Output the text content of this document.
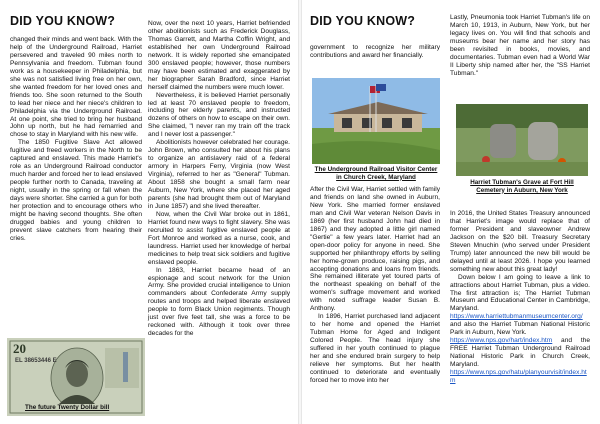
DID YOU KNOW?

changed their minds and went back. With the help of the Underground Railroad, Harriet persevered and traveled 90 miles north to Pennsylvania and freedom. Tubman found work as a housekeeper in Philadelphia, but she was not satisfied living free on her own, she wanted freedom for her loved ones and friends too. She soon returned to the South to lead her niece and her niece's children to Philadelphia via the Underground Railroad. At one point, she tried to bring her husband John up north, but he had remarried and chose to stay in Maryland with his new wife.

The 1850 Fugitive Slave Act allowed fugitive and freed workers in the North to be captured and enslaved. This made Harriet's role as an Underground Railroad conductor much harder and forced her to lead enslaved people further north to Canada, traveling at night, usually in the spring or fall when the days were shorter. She carried a gun for both her protection and to encourage others who might be having second thoughts. She often drugged babies and young children to prevent slave catchers from hearing their cries.

Now, over the next 10 years, Harriet befriended other abolitionists such as Frederick Douglass, Thomas Garrett, and Martha Coffin Wright, and established her own Underground Railroad network. It is widely reported she emancipated 300 enslaved people; however, those numbers may have been estimated and exaggerated by her biographer Sarah Bradford, since Harriet herself claimed the numbers were much lower.

Nevertheless, it is believed Harriet personally led at least 70 enslaved people to freedom, including her elderly parents, and instructed dozens of others on how to escape on their own. She claimed, "I never ran my train off the track and I never lost a passenger."

Abolitionists however celebrated her courage. John Brown, who consulted her about his plans to organize an antislavery raid of a federal armory in Harpers Ferry, Virginia (now West Virginia), referred to her as "General" Tubman. About 1858 she bought a small farm near Auburn, New York, where she placed her aged parents (she had brought them out of Maryland in June 1857) and she lived thereafter.

Now, when the Civil War broke out in 1861, Harriet found new ways to fight slavery. She was recruited to assist fugitive enslaved people at Fort Monroe and worked as a nurse, cook, and laundress. Harriet used her knowledge of herbal medicines to help treat sick soldiers and fugitive enslaved people.

In 1863, Harriet became head of an espionage and scout network for the Union Army. She provided crucial intelligence to Union commanders about Confederate Army supply routes and troops and helped liberate enslaved people to form Black Union regiments. Though just over five feet tall, she was a force to be reckoned with. Although it took over three decades for the

20
EL 38653446 E
The future Twenty Dollar bill
DID YOU KNOW?

government to recognize her military contributions and award her financially.

The Underground Railroad Visitor Center in Church Creek, Maryland

After the Civil War, Harriet settled with family and friends on land she owned in Auburn, New York. She married former enslaved man and Civil War veteran Nelson Davis in 1869 (her first husband John had died in 1867) and they adopted a little girl named "Gertie" a few years later. Harriet had an open-door policy for anyone in need. She supported her philanthropy efforts by selling her home-grown produce, raising pigs, and accepting donations and loans from friends. She remained illiterate yet toured parts of the northeast speaking on behalf of the women's suffrage movement and worked with noted suffrage leader Susan B. Anthony.

In 1896, Harriet purchased land adjacent to her home and opened the Harriet Tubman Home for Aged and Indigent Colored People. The head injury she suffered in her youth continued to plague her and she endured brain surgery to help relieve her symptoms. But her health continued to deteriorate and eventually forced her to move into her

Lastly, Pneumonia took Harriet Tubman's life on March 10, 1913, in Auburn, New York, but her legacy lives on. You will find that schools and museums bear her name and her story has been revisited in books, movies, and documentaries. Tubman even had a World War II Liberty ship named after her, the "SS Harriet Tubman."

Harriet Tubman's Grave at Fort Hill Cemetery in Auburn, New York

In 2016, the United States Treasury announced that Harriet's image would replace that of former President and slaveowner Andrew Jackson on the $20 bill. Treasury Secretary Steven Mnuchin (who served under President Trump) later announced the new bill would be delayed until at least 2026. I hope you learned something new about this great lady!

Down below I am going to leave a link to attractions about Harriet Tubman, plus a video. The first attraction is; The Harriet Tubman Museum and Educational Center in Cambridge, Maryland.

https://www.harriettubmanmuseumcenter.org/ and also the Harriet Tubman National Historic Park in Auburn, New York.

https://www.nps.gov/hart/index.htm and the FREE Harriet Tubman Underground Railroad National Historic Park in Church Creek, Maryland.

https://www.nps.gov/hatu/planyourvisit/index.htm
